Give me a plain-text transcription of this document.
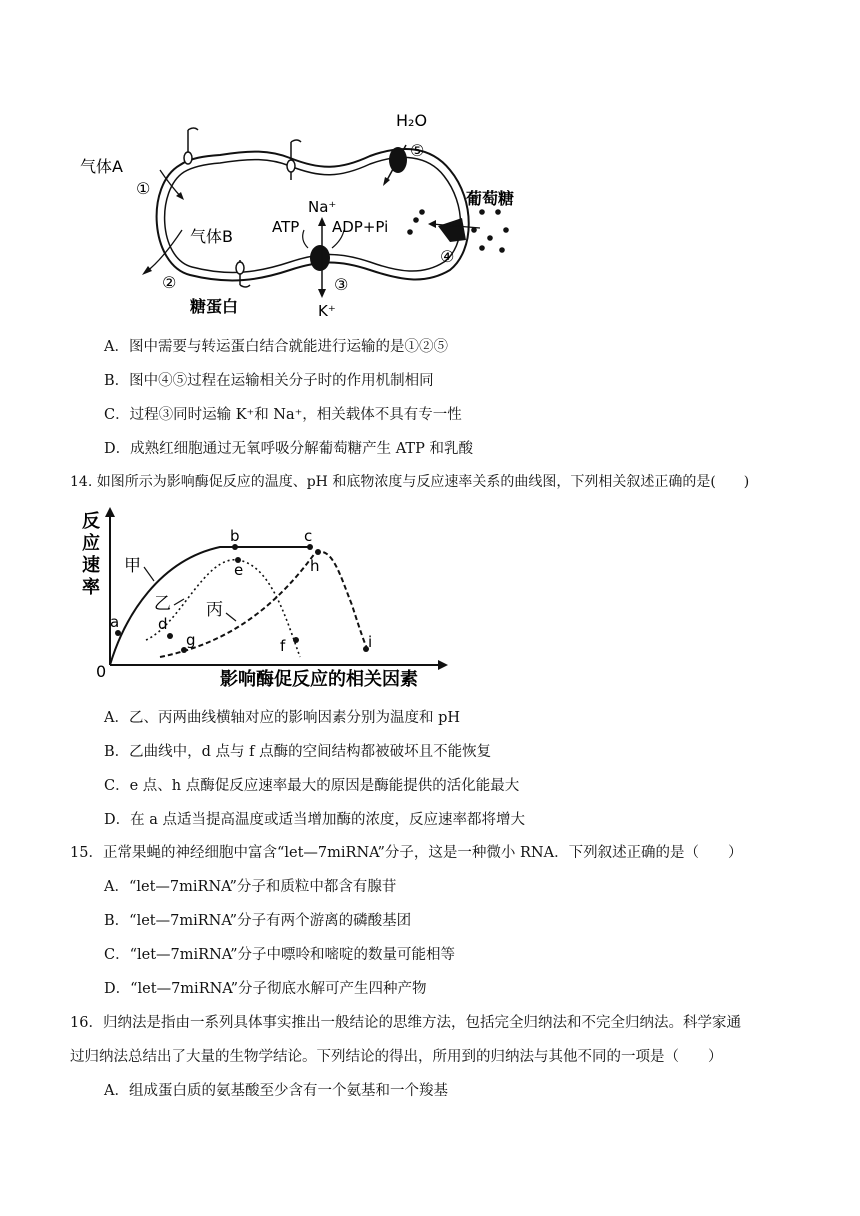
气体A
①
气体B
②
糖蛋白
H₂O
⑤
葡萄糖
④
Na⁺
ATP ADP+Pi
③
K⁺
A．图中需要与转运蛋白结合就能进行运输的是①②⑤
B．图中④⑤过程在运输相关分子时的作用机制相同
C．过程③同时运输 K⁺和 Na⁺，相关载体不具有专一性
D．成熟红细胞通过无氧呼吸分解葡萄糖产生 ATP 和乳酸
14. 如图所示为影响酶促反应的温度、pH 和底物浓度与反应速率关系的曲线图，下列相关叙述正确的是(　　)
反
应
速
率
0	影响酶促反应的相关因素
a
b	c
d
e
f
g
h
i
甲
乙 丙
A．乙、丙两曲线横轴对应的影响因素分别为温度和 pH
B．乙曲线中，d 点与 f 点酶的空间结构都被破坏且不能恢复
C．e 点、h 点酶促反应速率最大的原因是酶能提供的活化能最大
D．在 a 点适当提高温度或适当增加酶的浓度，反应速率都将增大
15．正常果蝇的神经细胞中富含“let—7miRNA”分子，这是一种微小 RNA．下列叙述正确的是（　　）
A．“let—7miRNA”分子和质粒中都含有腺苷
B．“let—7miRNA”分子有两个游离的磷酸基团
C．“let—7miRNA”分子中嘌呤和嘧啶的数量可能相等
D．“let—7miRNA”分子彻底水解可产生四种产物
16．归纳法是指由一系列具体事实推出一般结论的思维方法，包括完全归纳法和不完全归纳法。科学家通
过归纳法总结出了大量的生物学结论。下列结论的得出，所用到的归纳法与其他不同的一项是（　　）
A．组成蛋白质的氨基酸至少含有一个氨基和一个羧基
